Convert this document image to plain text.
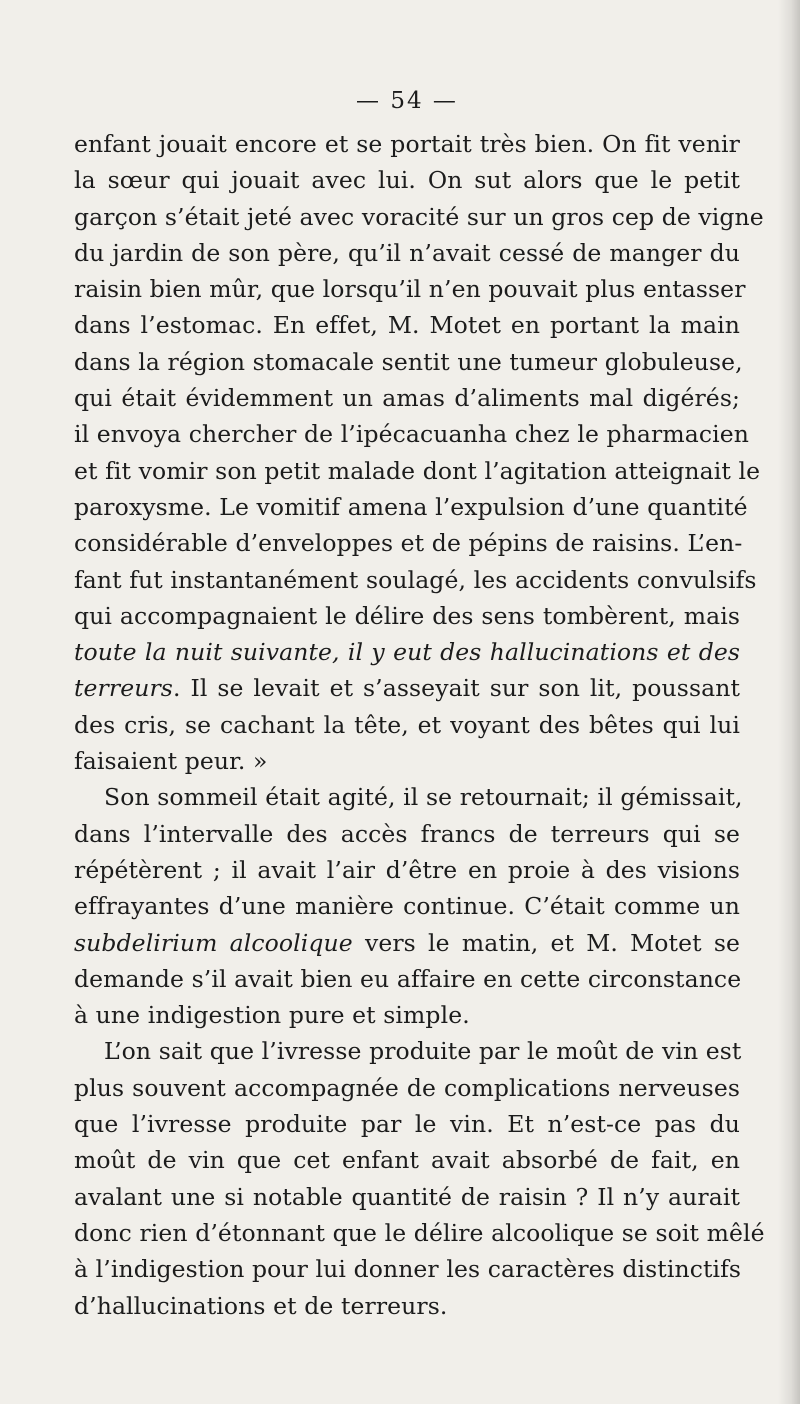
— 54 —
enfant jouait encore et se portait très bien. On fit venir
la sœur qui jouait avec lui. On sut alors que le petit
garçon s’était jeté avec voracité sur un gros cep de vigne
du jardin de son père, qu’il n’avait cessé de manger du
raisin bien mûr, que lorsqu’il n’en pouvait plus entasser
dans l’estomac. En effet, M. Motet en portant la main
dans la région stomacale sentit une tumeur globuleuse,
qui était évidemment un amas d’aliments mal digérés;
il envoya chercher de l’ipécacuanha chez le pharmacien
et fit vomir son petit malade dont l’agitation atteignait le
paroxysme. Le vomitif amena l’expulsion d’une quantité
considérable d’enveloppes et de pépins de raisins. L’en-
fant fut instantanément soulagé, les accidents convulsifs
qui accompagnaient le délire des sens tombèrent, mais
toute la nuit suivante, il y eut des hallucinations et des
terreurs. Il se levait et s’asseyait sur son lit, poussant
des cris, se cachant la tête, et voyant des bêtes qui lui
faisaient peur. »
Son sommeil était agité, il se retournait; il gémissait,
dans l’intervalle des accès francs de terreurs qui se
répétèrent ; il avait l’air d’être en proie à des visions
effrayantes d’une manière continue. C’était comme un
subdelirium alcoolique vers le matin, et M. Motet se
demande s’il avait bien eu affaire en cette circonstance
à une indigestion pure et simple.
L’on sait que l’ivresse produite par le moût de vin est
plus souvent accompagnée de complications nerveuses
que l’ivresse produite par le vin. Et n’est-ce pas du
moût de vin que cet enfant avait absorbé de fait, en
avalant une si notable quantité de raisin ? Il n’y aurait
donc rien d’étonnant que le délire alcoolique se soit mêlé
à l’indigestion pour lui donner les caractères distinctifs
d’hallucinations et de terreurs.
